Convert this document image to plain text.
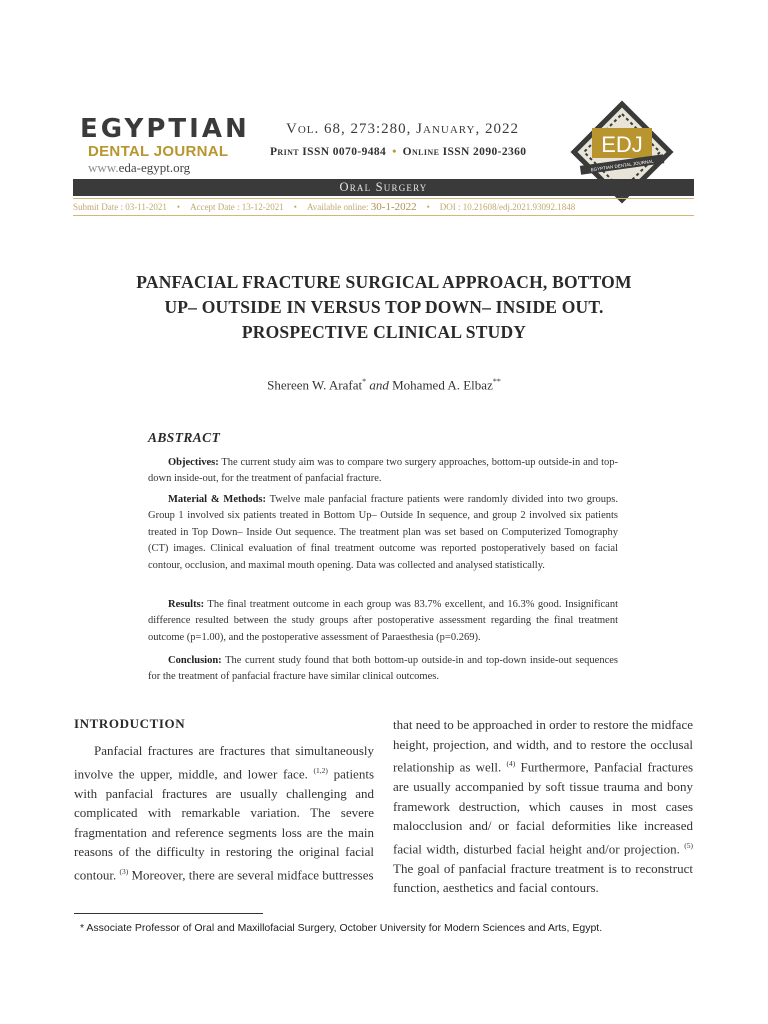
EGYPTIAN
DENTAL JOURNAL
www.eda-egypt.org
Vol. 68, 273:280, January, 2022
Print ISSN 0070-9484 • Online ISSN 2090-2360	EDJ
EGYPTIAN DENTAL JOURNAL
Oral Surgery
Submit Date : 03-11-2021 • Accept Date : 13-12-2021 • Available online: 30-1-2022 • DOI : 10.21608/edj.2021.93092.1848
PANFACIAL FRACTURE SURGICAL APPROACH, BOTTOM
UP– OUTSIDE IN VERSUS TOP DOWN– INSIDE OUT.
PROSPECTIVE CLINICAL STUDY
Shereen W. Arafat* and Mohamed A. Elbaz**
ABSTRACT
Objectives: The current study aim was to compare two surgery approaches, bottom-up outside-in and top-down inside-out, for the treatment of panfacial fracture.
Material & Methods: Twelve male panfacial fracture patients were randomly divided into two groups. Group 1 involved six patients treated in Bottom Up– Outside In sequence, and group 2 involved six patients treated in Top Down– Inside Out sequence. The treatment plan was set based on Computerized Tomography (CT) images. Clinical evaluation of final treatment outcome was reported postoperatively based on facial contour, occlusion, and maximal mouth opening. Data was collected and analysed statistically.
Results: The final treatment outcome in each group was 83.7% excellent, and 16.3% good. Insignificant difference resulted between the study groups after postoperative assessment regarding the final treatment outcome (p=1.00), and the postoperative assessment of Paraesthesia (p=0.269).
Conclusion: The current study found that both bottom-up outside-in and top-down inside-out sequences for the treatment of panfacial fracture have similar clinical outcomes.
INTRODUCTION
Panfacial fractures are fractures that simultaneously involve the upper, middle, and lower face. $^{(1,2)}$ patients with panfacial fractures are usually challenging and complicated with remarkable variation. The severe fragmentation and reference segments loss are the main reasons of the difficulty in restoring the original facial contour. $^{(3)}$ Moreover, there are several midface buttresses
that need to be approached in order to restore the midface height, projection, and width, and to restore the occlusal relationship as well. $^{(4)}$ Furthermore, Panfacial fractures are usually accompanied by soft tissue trauma and bony framework destruction, which causes in most cases malocclusion and/ or facial deformities like increased facial width, disturbed facial height and/or projection. $^{(5)}$ The goal of panfacial fracture treatment is to reconstruct function, aesthetics and facial contours.
* Associate Professor of Oral and Maxillofacial Surgery, October University for Modern Sciences and Arts, Egypt.
